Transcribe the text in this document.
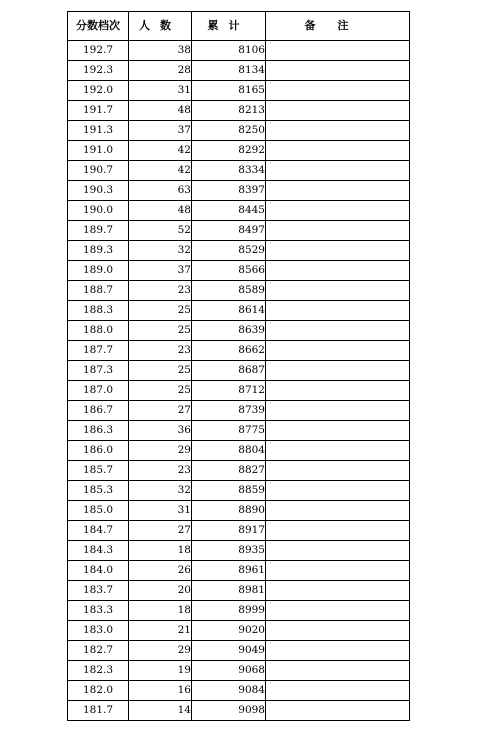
分数档次	人数	累计	备注
192.7	38	8106	
192.3	28	8134	
192.0	31	8165	
191.7	48	8213	
191.3	37	8250	
191.0	42	8292	
190.7	42	8334	
190.3	63	8397	
190.0	48	8445	
189.7	52	8497	
189.3	32	8529	
189.0	37	8566	
188.7	23	8589	
188.3	25	8614	
188.0	25	8639	
187.7	23	8662	
187.3	25	8687	
187.0	25	8712	
186.7	27	8739	
186.3	36	8775	
186.0	29	8804	
185.7	23	8827	
185.3	32	8859	
185.0	31	8890	
184.7	27	8917	
184.3	18	8935	
184.0	26	8961	
183.7	20	8981	
183.3	18	8999	
183.0	21	9020	
182.7	29	9049	
182.3	19	9068	
182.0	16	9084	
181.7	14	9098	
